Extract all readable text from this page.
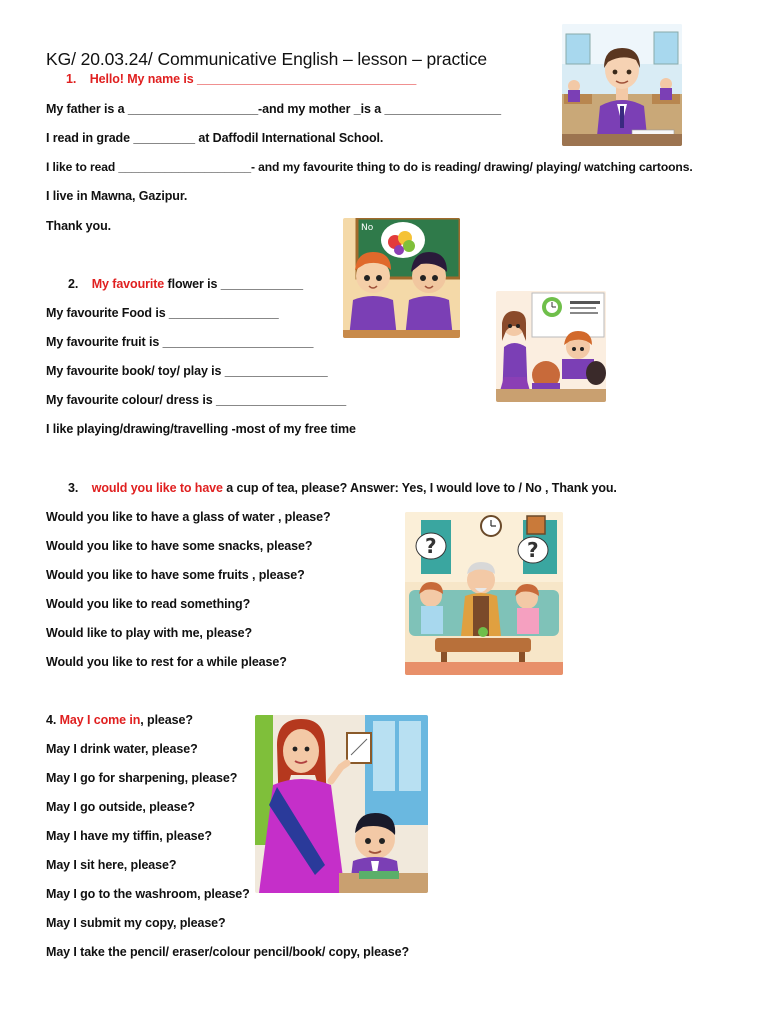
KG/ 20.03.24/ Communicative English – lesson – practice
1. Hello! My name is ________________________________
My father is a ___________________-and my mother _is a _________________
I read in grade _________ at Daffodil International School.
I like to read ____________________- and my favourite thing to do is reading/ drawing/ playing/ watching cartoons.
I live in Mawna, Gazipur.
Thank you.
2. My favourite flower is ____________
My favourite Food is ________________
My favourite fruit is ______________________
My favourite book/ toy/ play is _______________
My favourite colour/ dress is ___________________
I like playing/drawing/travelling -most of my free time
3. would you like to have a cup of tea, please? Answer: Yes, I would love to / No , Thank you.
Would you like to have a glass of water , please?
Would you like to have some snacks, please?
Would you like to have some fruits , please?
Would you like to read something?
Would like to play with me, please?
Would you like to rest for a while please?
4. May I come in, please?
May I drink water, please?
May I go for sharpening, please?
May I go outside, please?
May I have my tiffin, please?
May I sit here, please?
May I go to the washroom, please?
May I submit my copy, please?
May I take the pencil/ eraser/colour pencil/book/ copy, please?
No
?	?
